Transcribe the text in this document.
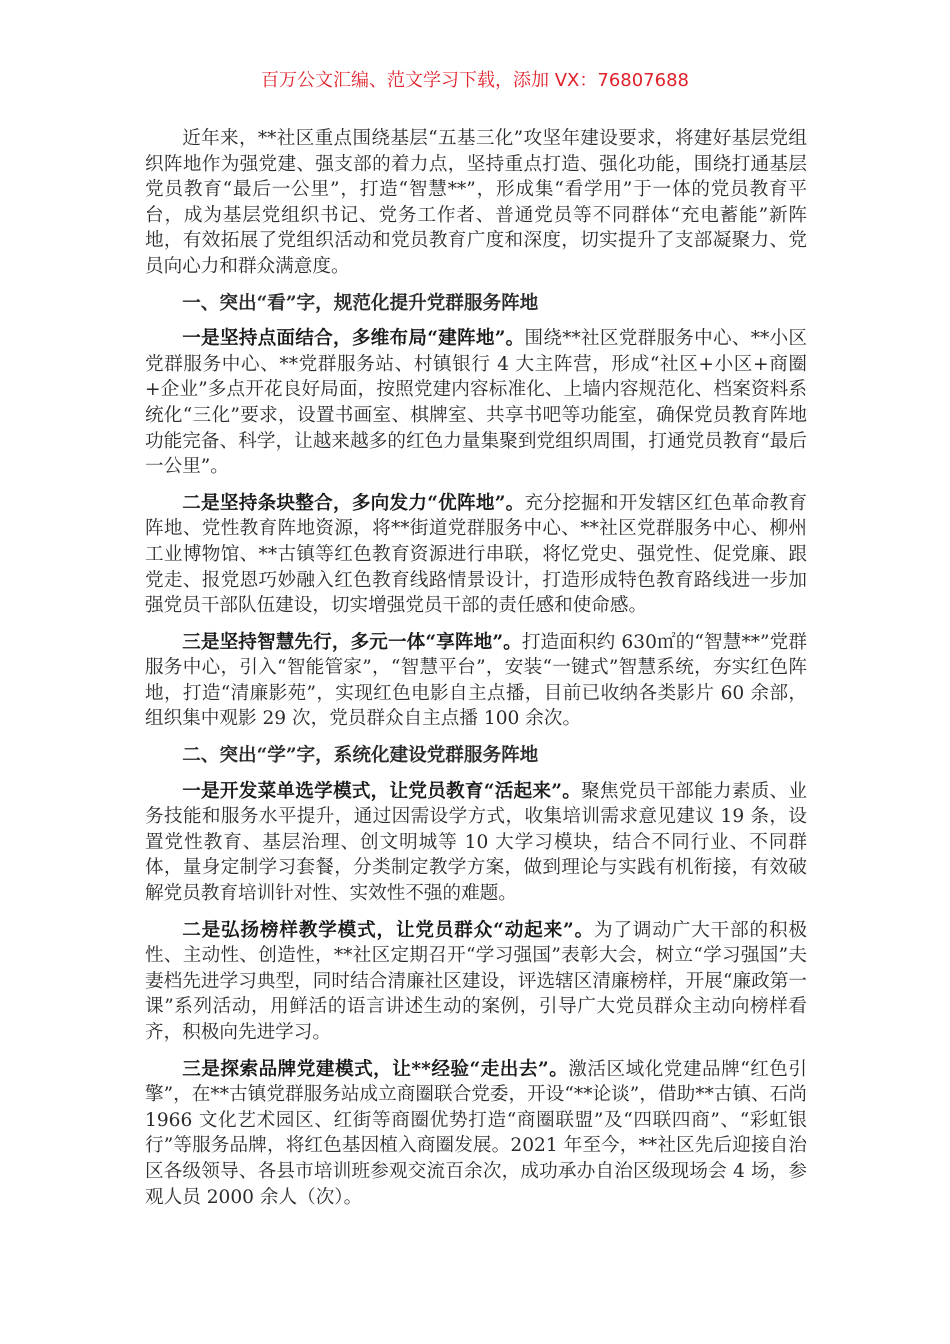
百万公文汇编、范文学习下载，添加 VX：76807688

近年来，**社区重点围绕基层“五基三化”攻坚年建设要求，将建好基层党组织阵地作为强党建、强支部的着力点，坚持重点打造、强化功能，围绕打通基层党员教育“最后一公里”，打造“智慧**”，形成集“看学用”于一体的党员教育平台，成为基层党组织书记、党务工作者、普通党员等不同群体“充电蓄能”新阵地，有效拓展了党组织活动和党员教育广度和深度，切实提升了支部凝聚力、党员向心力和群众满意度。

一、突出“看”字，规范化提升党群服务阵地

一是坚持点面结合，多维布局“建阵地”。围绕**社区党群服务中心、**小区党群服务中心、**党群服务站、村镇银行 4 大主阵营，形成“社区+小区+商圈+企业”多点开花良好局面，按照党建内容标准化、上墙内容规范化、档案资料系统化“三化”要求，设置书画室、棋牌室、共享书吧等功能室，确保党员教育阵地功能完备、科学，让越来越多的红色力量集聚到党组织周围，打通党员教育“最后一公里”。

二是坚持条块整合，多向发力“优阵地”。充分挖掘和开发辖区红色革命教育阵地、党性教育阵地资源，将**街道党群服务中心、**社区党群服务中心、柳州工业博物馆、**古镇等红色教育资源进行串联，将忆党史、强党性、促党廉、跟党走、报党恩巧妙融入红色教育线路情景设计，打造形成特色教育路线进一步加强党员干部队伍建设，切实增强党员干部的责任感和使命感。

三是坚持智慧先行，多元一体“享阵地”。打造面积约 630㎡的“智慧**”党群服务中心，引入“智能管家”，“智慧平台”，安装“一键式”智慧系统，夯实红色阵地，打造“清廉影苑”，实现红色电影自主点播，目前已收纳各类影片 60 余部，组织集中观影 29 次，党员群众自主点播 100 余次。

二、突出“学”字，系统化建设党群服务阵地

一是开发菜单选学模式，让党员教育“活起来”。聚焦党员干部能力素质、业务技能和服务水平提升，通过因需设学方式，收集培训需求意见建议 19 条，设置党性教育、基层治理、创文明城等 10 大学习模块，结合不同行业、不同群体，量身定制学习套餐，分类制定教学方案，做到理论与实践有机衔接，有效破解党员教育培训针对性、实效性不强的难题。

二是弘扬榜样教学模式，让党员群众“动起来”。为了调动广大干部的积极性、主动性、创造性，**社区定期召开“学习强国”表彰大会，树立“学习强国”夫妻档先进学习典型，同时结合清廉社区建设，评选辖区清廉榜样，开展“廉政第一课”系列活动，用鲜活的语言讲述生动的案例，引导广大党员群众主动向榜样看齐，积极向先进学习。

三是探索品牌党建模式，让**经验“走出去”。激活区域化党建品牌“红色引擎”，在**古镇党群服务站成立商圈联合党委，开设“**论谈”，借助**古镇、石尚 1966 文化艺术园区、红街等商圈优势打造“商圈联盟”及“四联四商”、“彩虹银行”等服务品牌，将红色基因植入商圈发展。2021 年至今，**社区先后迎接自治区各级领导、各县市培训班参观交流百余次，成功承办自治区级现场会 4 场，参观人员 2000 余人（次）。
